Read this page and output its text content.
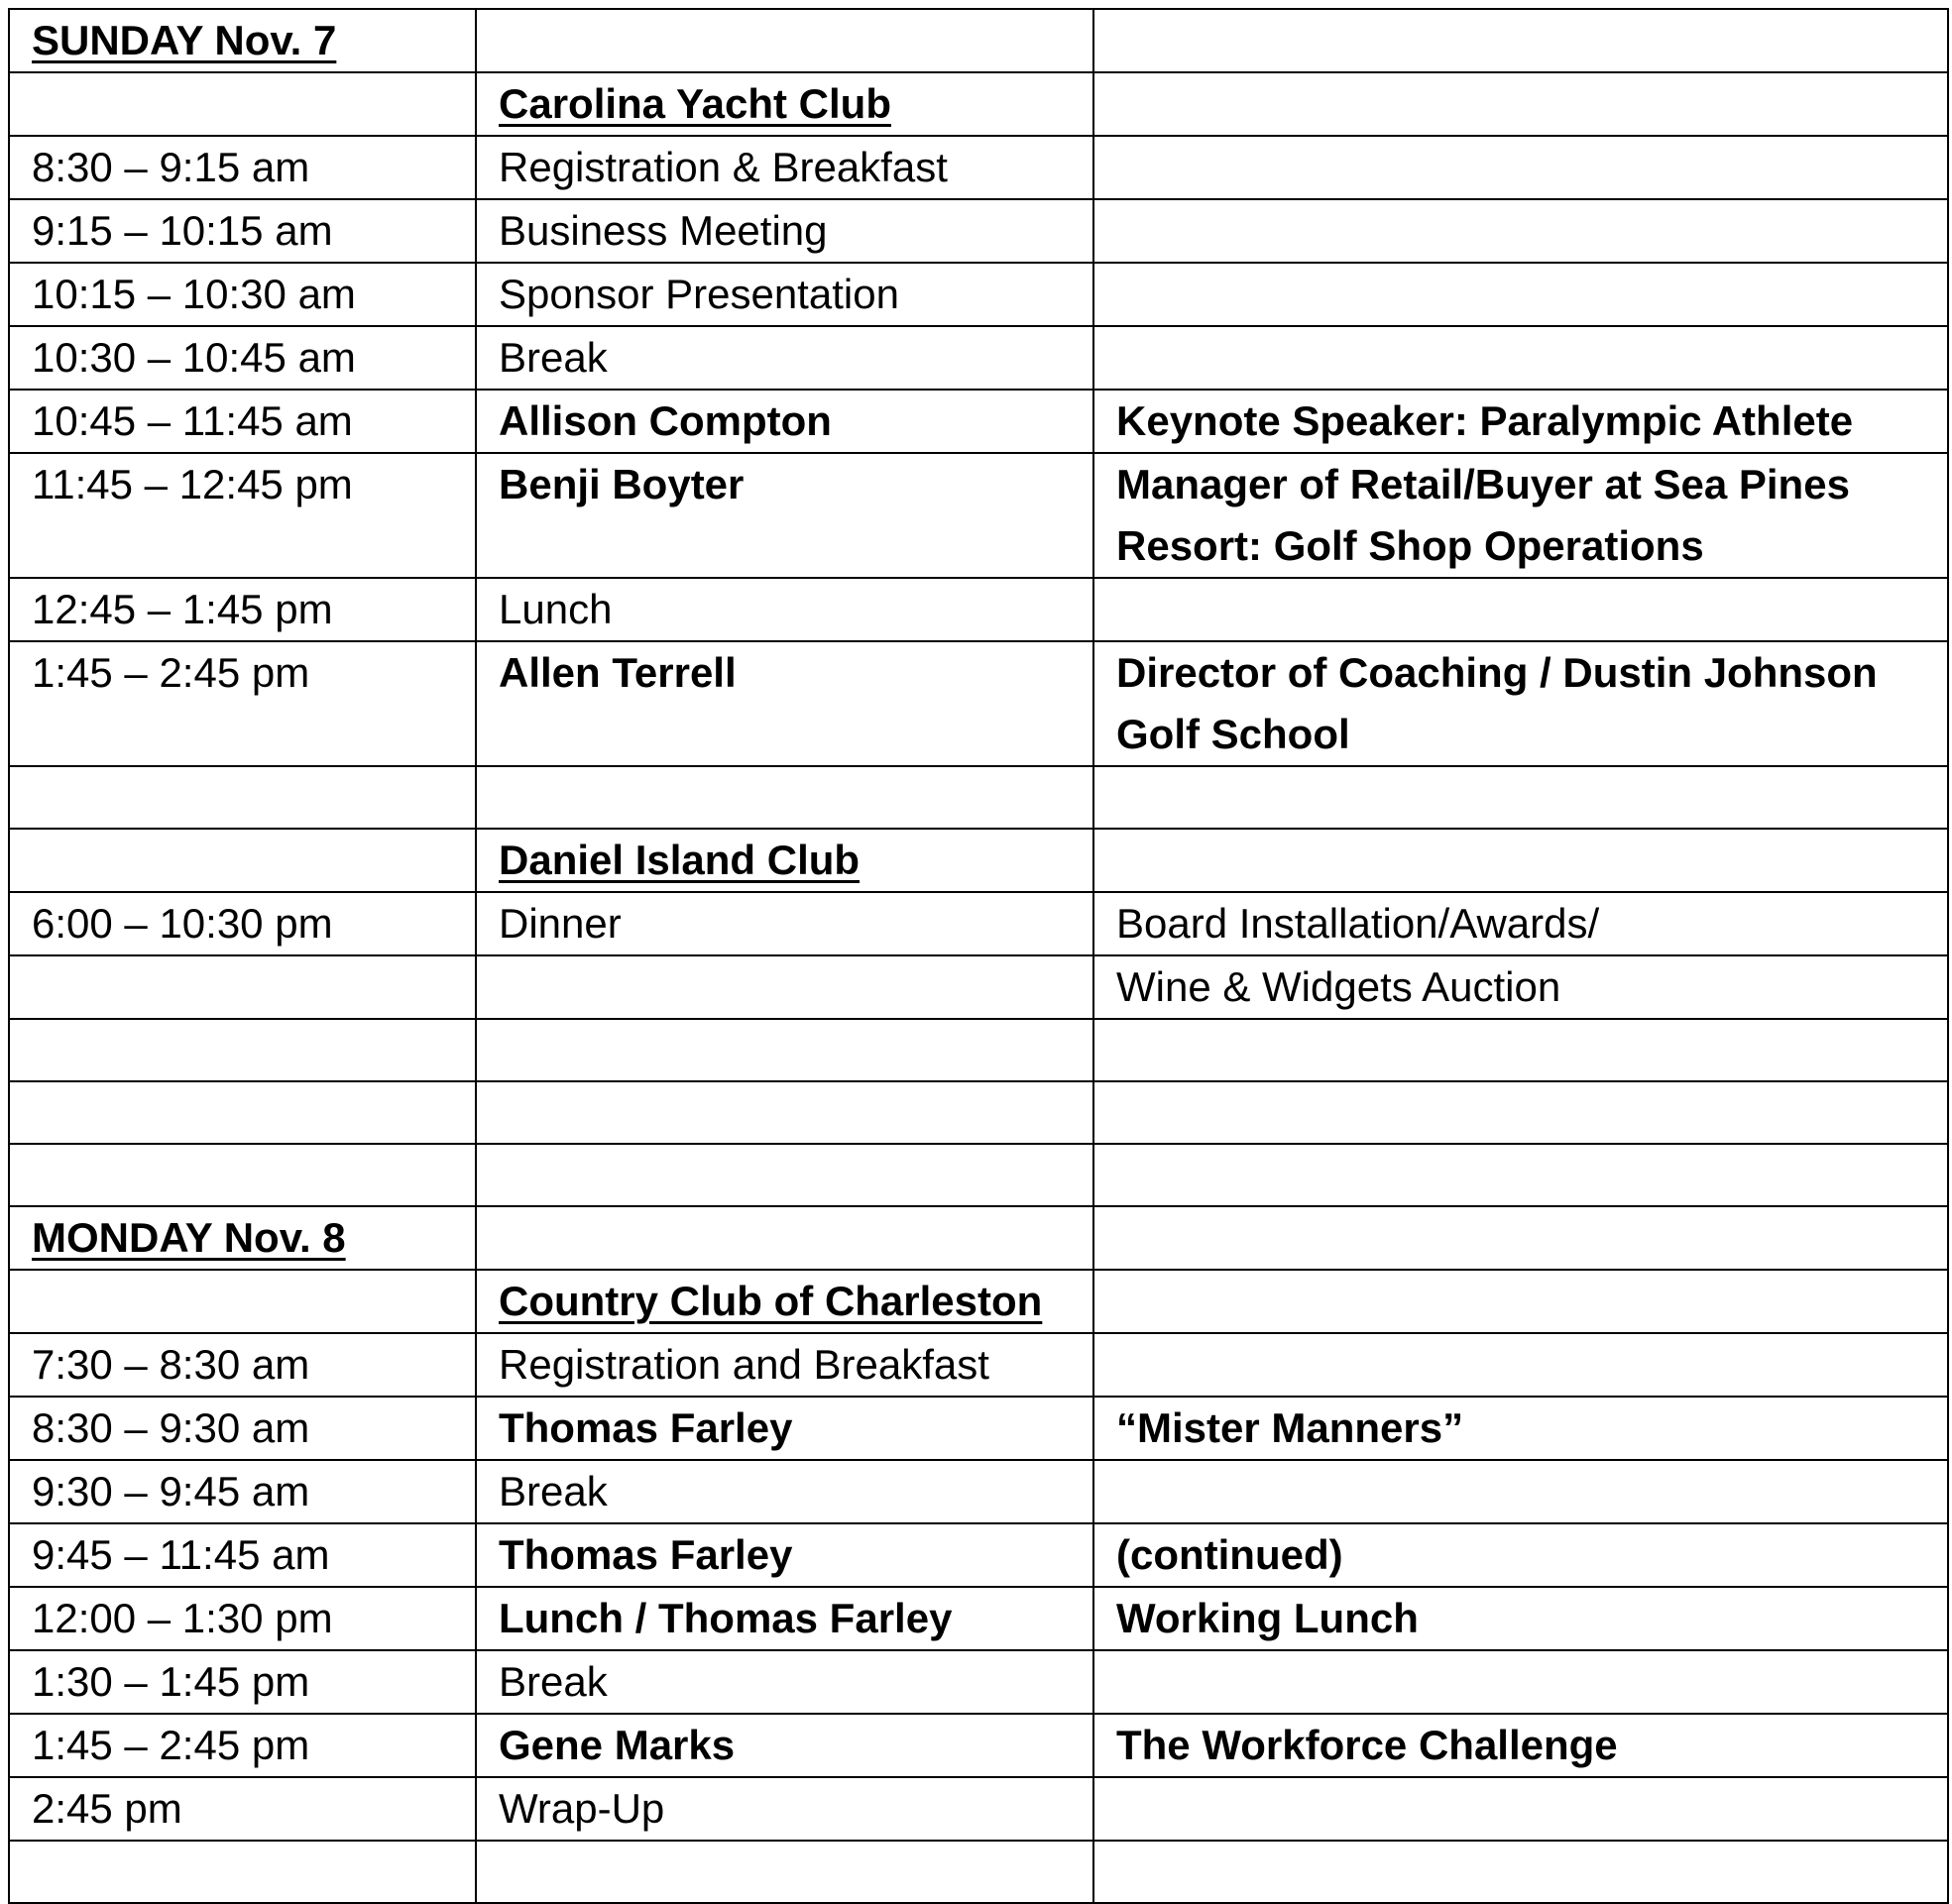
SUNDAY Nov. 7		
	Carolina Yacht Club	
8:30 – 9:15 am	Registration & Breakfast	
9:15 – 10:15 am	Business Meeting	
10:15 – 10:30 am	Sponsor Presentation	
10:30 – 10:45 am	Break	
10:45 – 11:45 am	Allison Compton	Keynote Speaker: Paralympic Athlete
11:45 – 12:45 pm	Benji Boyter	Manager of Retail/Buyer at Sea Pines Resort: Golf Shop Operations
12:45 – 1:45 pm	Lunch	
1:45 – 2:45 pm	Allen Terrell	Director of Coaching / Dustin Johnson Golf School

	Daniel Island Club	
6:00 – 10:30 pm	Dinner	Board Installation/Awards/
		Wine & Widgets Auction

MONDAY Nov. 8		
	Country Club of Charleston	
7:30 – 8:30 am	Registration and Breakfast	
8:30 – 9:30 am	Thomas Farley	“Mister Manners”
9:30 – 9:45 am	Break	
9:45 – 11:45 am	Thomas Farley	(continued)
12:00 – 1:30 pm	Lunch / Thomas Farley	Working Lunch
1:30 – 1:45 pm	Break	
1:45 – 2:45 pm	Gene Marks	The Workforce Challenge
2:45 pm	Wrap-Up	
